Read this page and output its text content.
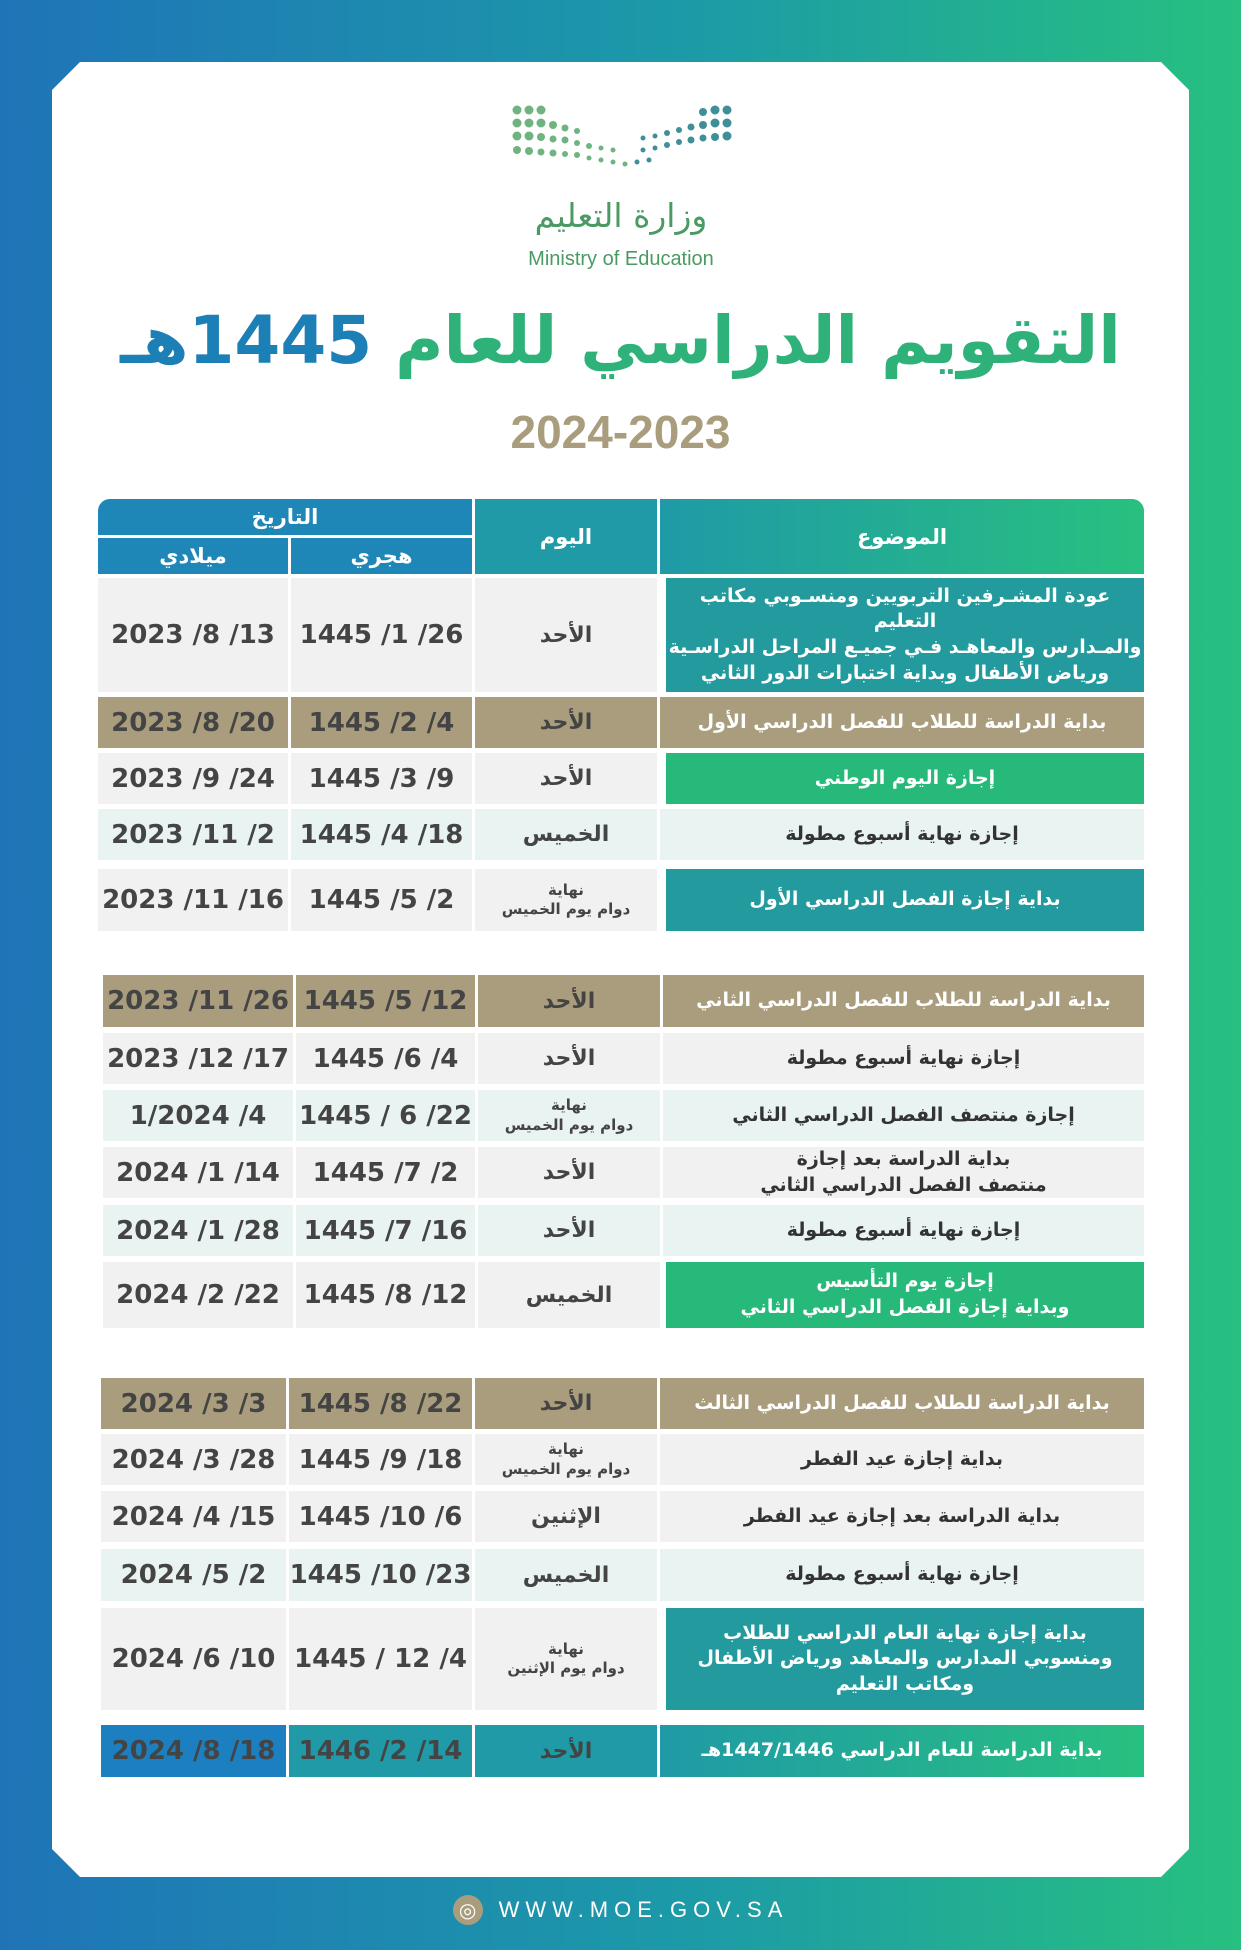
وزارة التعليم
Ministry of Education
التقويم الدراسي للعام 1445هـ
2024-2023
الموضوع
اليوم
التاريخ
هجري
ميلادي
عودة المشـرفين التربويين ومنسـوبي مكاتب التعليم
والمـدارس والمعاهـد فـي جميـع المراحل الدراسـية
ورياض الأطفال وبداية اختبارات الدور الثاني
الأحد
26/ 1/ 1445
13/ 8/ 2023
بداية الدراسة للطلاب للفصل الدراسي الأول
الأحد
4/ 2/ 1445
20/ 8/ 2023
إجازة اليوم الوطني
الأحد
9/ 3/ 1445
24/ 9/ 2023
إجازة نهاية أسبوع مطولة
الخميس
18/ 4/ 1445
2/ 11/ 2023
بداية إجازة الفصل الدراسي الأول
نهاية
دوام يوم الخميس
2/ 5/ 1445
16/ 11/ 2023
بداية الدراسة للطلاب للفصل الدراسي الثاني
الأحد
12/ 5/ 1445
26/ 11/ 2023
إجازة نهاية أسبوع مطولة
الأحد
4/ 6/ 1445
17/ 12/ 2023
إجازة منتصف الفصل الدراسي الثاني
نهاية
دوام يوم الخميس
22/ 6 / 1445
4/ 1/2024
بداية الدراسة بعد إجازة
منتصف الفصل الدراسي الثاني
الأحد
2/ 7/ 1445
14/ 1/ 2024
إجازة نهاية أسبوع مطولة
الأحد
16/ 7/ 1445
28/ 1/ 2024
إجازة يوم التأسيس
وبداية إجازة الفصل الدراسي الثاني
الخميس
12/ 8/ 1445
22/ 2/ 2024
بداية الدراسة للطلاب للفصل الدراسي الثالث
الأحد
22/ 8/ 1445
3/ 3/ 2024
بداية إجازة عيد الفطر
نهاية
دوام يوم الخميس
18/ 9/ 1445
28/ 3/ 2024
بداية الدراسة بعد إجازة عيد الفطر
الإثنين
6/ 10/ 1445
15/ 4/ 2024
إجازة نهاية أسبوع مطولة
الخميس
23/ 10/ 1445
2/ 5/ 2024
بداية إجازة نهاية العام الدراسي للطلاب
ومنسوبي المدارس والمعاهد ورياض الأطفال
ومكاتب التعليم
نهاية
دوام يوم الإثنين
4/ 12 / 1445
10/ 6/ 2024
بداية الدراسة للعام الدراسي 1447/1446هـ
الأحد
14/ 2/ 1446
18/ 8/ 2024
◎ WWW.MOE.GOV.SA
